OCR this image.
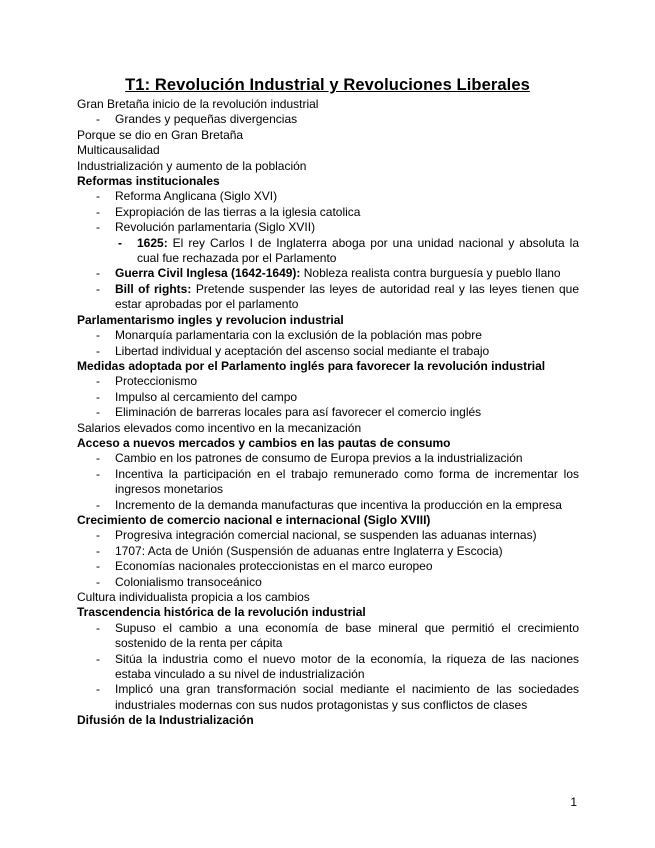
T1: Revolución Industrial y Revoluciones Liberales
Gran Bretaña inicio de la revolución industrial
- Grandes y pequeñas divergencias
Porque se dio en Gran Bretaña
Multicausalidad
Industrialización y aumento de la población
Reformas institucionales
- Reforma Anglicana (Siglo XVI)
- Expropiación de las tierras a la iglesia catolica
- Revolución parlamentaria (Siglo XVII)
- 1625: El rey Carlos I de Inglaterra aboga por una unidad nacional y absoluta la cual fue rechazada por el Parlamento
- Guerra Civil Inglesa (1642-1649): Nobleza realista contra burguesía y pueblo llano
- Bill of rights: Pretende suspender las leyes de autoridad real y las leyes tienen que estar aprobadas por el parlamento
Parlamentarismo ingles y revolucion industrial
- Monarquía parlamentaria con la exclusión de la población mas pobre
- Libertad individual y aceptación del ascenso social mediante el trabajo
Medidas adoptada por el Parlamento inglés para favorecer la revolución industrial
- Proteccionismo
- Impulso al cercamiento del campo
- Eliminación de barreras locales para así favorecer el comercio inglés
Salarios elevados como incentivo en la mecanización
Acceso a nuevos mercados y cambios en las pautas de consumo
- Cambio en los patrones de consumo de Europa previos a la industrialización
- Incentiva la participación en el trabajo remunerado como forma de incrementar los ingresos monetarios
- Incremento de la demanda manufacturas que incentiva la producción en la empresa
Crecimiento de comercio nacional e internacional (Siglo XVIII)
- Progresiva integración comercial nacional, se suspenden las aduanas internas)
- 1707: Acta de Unión (Suspensión de aduanas entre Inglaterra y Escocia)
- Economías nacionales proteccionistas en el marco europeo
- Colonialismo transoceánico
Cultura individualista propicia a los cambios
Trascendencia histórica de la revolución industrial
- Supuso el cambio a una economía de base mineral que permitió el crecimiento sostenido de la renta per cápita
- Sitúa la industria como el nuevo motor de la economía, la riqueza de las naciones estaba vinculado a su nivel de industrialización
- Implicó una gran transformación social mediante el nacimiento de las sociedades industriales modernas con sus nudos protagonistas y sus conflictos de clases
Difusión de la Industrialización
1
